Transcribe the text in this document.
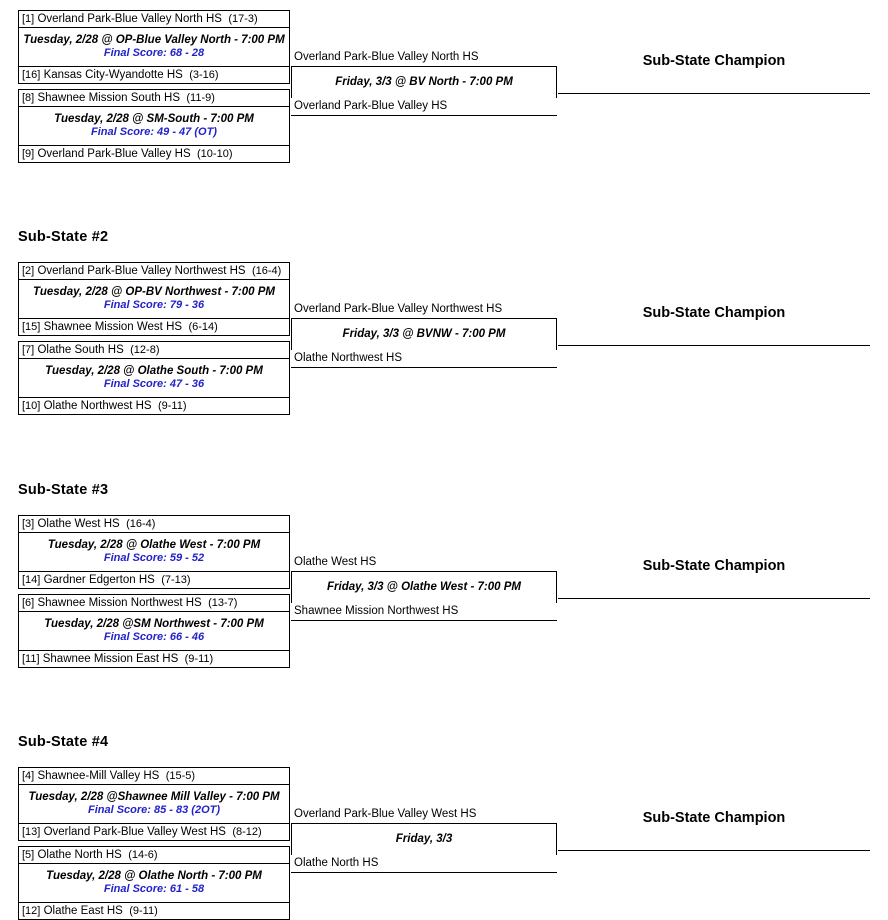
[1] Overland Park-Blue Valley North HS (17-3)
Tuesday, 2/28 @ OP-Blue Valley North - 7:00 PM
Final Score: 68 - 28
[16] Kansas City-Wyandotte HS (3-16)
[8] Shawnee Mission South HS (11-9)
Tuesday, 2/28 @ SM-South - 7:00 PM
Final Score: 49 - 47 (OT)
[9] Overland Park-Blue Valley HS (10-10)
Overland Park-Blue Valley North HS
Friday, 3/3 @ BV North - 7:00 PM
Overland Park-Blue Valley HS
Sub-State Champion
Sub-State #2
[2] Overland Park-Blue Valley Northwest HS (16-4)
Tuesday, 2/28 @ OP-BV Northwest - 7:00 PM
Final Score: 79 - 36
[15] Shawnee Mission West HS (6-14)
[7] Olathe South HS (12-8)
Tuesday, 2/28 @ Olathe South - 7:00 PM
Final Score: 47 - 36
[10] Olathe Northwest HS (9-11)
Overland Park-Blue Valley Northwest HS
Friday, 3/3 @ BVNW - 7:00 PM
Olathe Northwest HS
Sub-State Champion
Sub-State #3
[3] Olathe West HS (16-4)
Tuesday, 2/28 @ Olathe West - 7:00 PM
Final Score: 59 - 52
[14] Gardner Edgerton HS (7-13)
[6] Shawnee Mission Northwest HS (13-7)
Tuesday, 2/28 @SM Northwest - 7:00 PM
Final Score: 66 - 46
[11] Shawnee Mission East HS (9-11)
Olathe West HS
Friday, 3/3 @ Olathe West - 7:00 PM
Shawnee Mission Northwest HS
Sub-State Champion
Sub-State #4
[4] Shawnee-Mill Valley HS (15-5)
Tuesday, 2/28 @Shawnee Mill Valley - 7:00 PM
Final Score: 85 - 83 (2OT)
[13] Overland Park-Blue Valley West HS (8-12)
[5] Olathe North HS (14-6)
Tuesday, 2/28 @ Olathe North - 7:00 PM
Final Score: 61 - 58
[12] Olathe East HS (9-11)
Overland Park-Blue Valley West HS
Friday, 3/3
Olathe North HS
Sub-State Champion
